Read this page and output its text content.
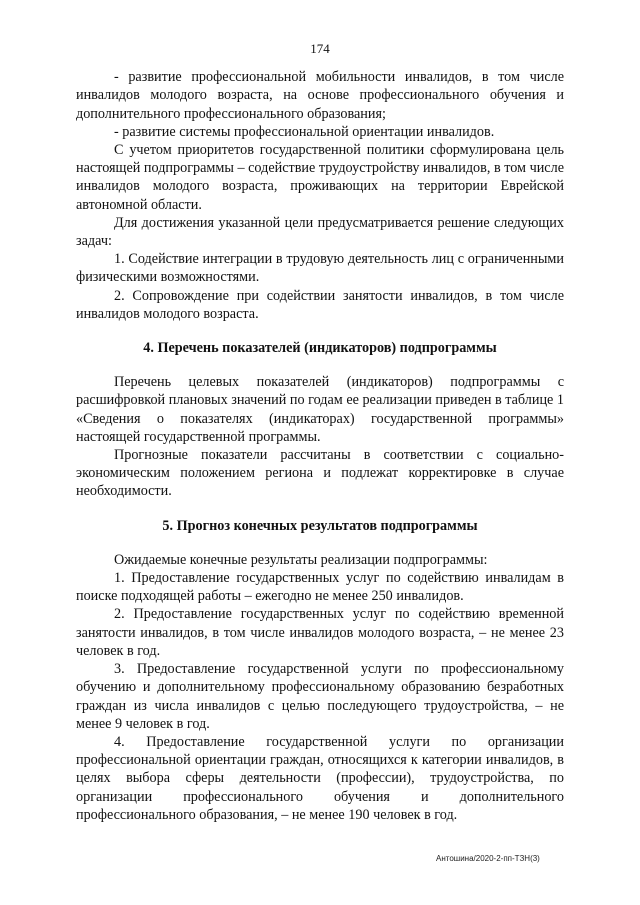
174

- развитие профессиональной мобильности инвалидов, в том числе инвалидов молодого возраста, на основе профессионального обучения и дополнительного профессионального образования;

- развитие системы профессиональной ориентации инвалидов.

С учетом приоритетов государственной политики сформулирована цель настоящей подпрограммы – содействие трудоустройству инвалидов, в том числе инвалидов молодого возраста, проживающих на территории Еврейской автономной области.

Для достижения указанной цели предусматривается решение следующих задач:

1. Содействие интеграции в трудовую деятельность лиц с ограниченными физическими возможностями.

2. Сопровождение при содействии занятости инвалидов, в том числе инвалидов молодого возраста.

4. Перечень показателей (индикаторов) подпрограммы

Перечень целевых показателей (индикаторов) подпрограммы с расшифровкой плановых значений по годам ее реализации приведен в таблице 1 «Сведения о показателях (индикаторах) государственной программы» настоящей государственной программы.

Прогнозные показатели рассчитаны в соответствии с социально-экономическим положением региона и подлежат корректировке в случае необходимости.

5. Прогноз конечных результатов подпрограммы

Ожидаемые конечные результаты реализации подпрограммы:

1. Предоставление государственных услуг по содействию инвалидам в поиске подходящей работы – ежегодно не менее 250 инвалидов.

2. Предоставление государственных услуг по содействию временной занятости инвалидов, в том числе инвалидов молодого возраста, – не менее 23 человек в год.

3. Предоставление государственной услуги по профессиональному обучению и дополнительному профессиональному образованию безработных граждан из числа инвалидов с целью последующего трудоустройства, – не менее 9 человек в год.

4. Предоставление государственной услуги по организации профессиональной ориентации граждан, относящихся к категории инвалидов, в целях выбора сферы деятельности (профессии), трудоустройства, по организации профессионального обучения и дополнительного профессионального образования, – не менее 190 человек в год.

Антошина/2020-2-пп-ТЗН(3)
